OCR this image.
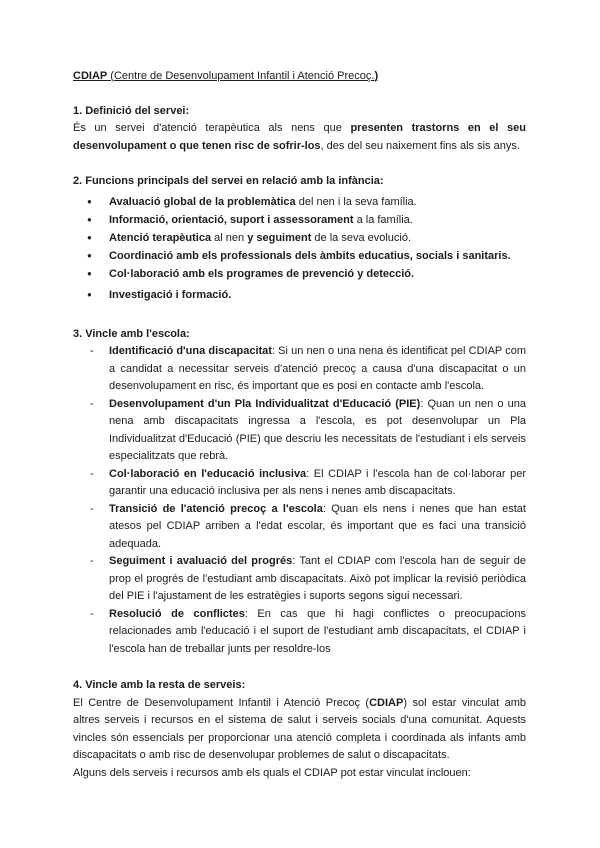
CDIAP (Centre de Desenvolupament Infantil i Atenció Precoç.)
1. Definició del servei:

És un servei d'atenció terapèutica als nens que presenten trastorns en el seu desenvolupament o que tenen risc de sofrir-los, des del seu naixement fins als sis anys.

2. Funcions principals del servei en relació amb la infància:
● Avaluació global de la problemàtica del nen i la seva família.
● Informació, orientació, suport i assessorament a la família.
● Atenció terapèutica al nen y seguiment de la seva evolució.
● Coordinació amb els professionals dels àmbits educatius, socials i sanitaris.
● Col·laboració amb els programes de prevenció y detecció.
● Investigació i formació.
3. Vincle amb l'escola:
- Identificació d'una discapacitat: Si un nen o una nena és identificat pel CDIAP com a candidat a necessitar serveis d'atenció precoç a causa d'una discapacitat o un desenvolupament en risc, és important que es posi en contacte amb l'escola.
- Desenvolupament d'un Pla Individualitzat d'Educació (PIE): Quan un nen o una nena amb discapacitats ingressa a l'escola, es pot desenvolupar un Pla Individualitzat d'Educació (PIE) que descriu les necessitats de l'estudiant i els serveis especialitzats que rebrà.
- Col·laboració en l'educació inclusiva: El CDIAP i l'escola han de col·laborar per garantir una educació inclusiva per als nens i nenes amb discapacitats.
- Transició de l'atenció precoç a l'escola: Quan els nens i nenes que han estat atesos pel CDIAP arriben a l'edat escolar, és important que es faci una transició adequada.
- Seguiment i avaluació del progrés: Tant el CDIAP com l'escola han de seguir de prop el progrés de l'estudiant amb discapacitats. Això pot implicar la revisió periòdica del PIE i l'ajustament de les estratègies i suports segons sigui necessari.
- Resolució de conflictes: En cas que hi hagi conflictes o preocupacions relacionades amb l'educació i el suport de l'estudiant amb discapacitats, el CDIAP i l'escola han de treballar junts per resoldre-los
4. Vincle amb la resta de serveis:

El Centre de Desenvolupament Infantil i Atenció Precoç (CDIAP) sol estar vinculat amb altres serveis i recursos en el sistema de salut i serveis socials d'una comunitat. Aquests vincles són essencials per proporcionar una atenció completa i coordinada als infants amb discapacitats o amb risc de desenvolupar problemes de salut o discapacitats.

Alguns dels serveis i recursos amb els quals el CDIAP pot estar vinculat inclouen:
